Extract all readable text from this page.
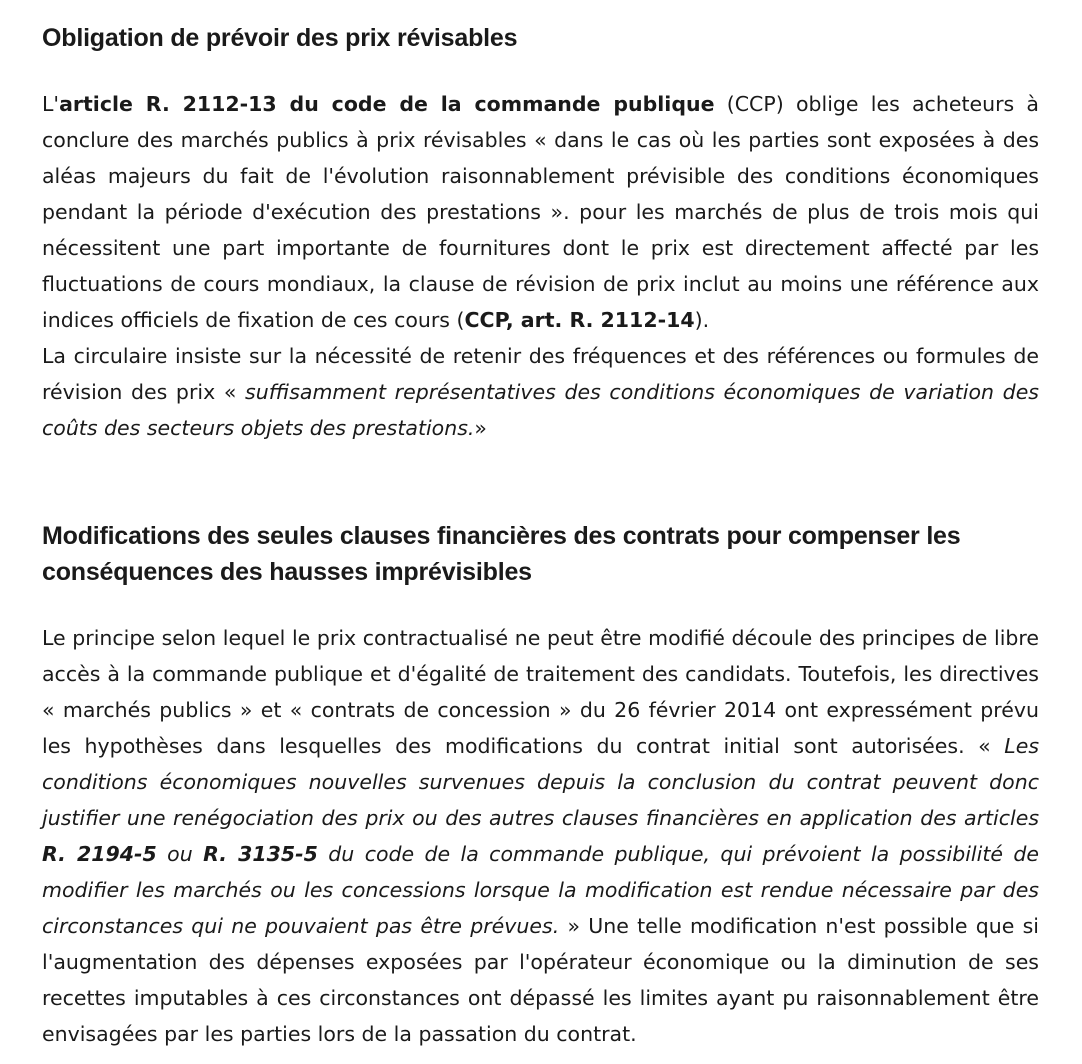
Obligation de prévoir des prix révisables

L'article R. 2112-13 du code de la commande publique (CCP) oblige les acheteurs à conclure des marchés publics à prix révisables « dans le cas où les parties sont exposées à des aléas majeurs du fait de l'évolution raisonnablement prévisible des conditions économiques pendant la période d'exécution des prestations ». pour les marchés de plus de trois mois qui nécessitent une part importante de fournitures dont le prix est directement affecté par les fluctuations de cours mondiaux, la clause de révision de prix inclut au moins une référence aux indices officiels de fixation de ces cours (CCP, art. R. 2112-14).

La circulaire insiste sur la nécessité de retenir des fréquences et des références ou formules de révision des prix « suffisamment représentatives des conditions économiques de variation des coûts des secteurs objets des prestations.»

Modifications des seules clauses financières des contrats pour compenser les conséquences des hausses imprévisibles

Le principe selon lequel le prix contractualisé ne peut être modifié découle des principes de libre accès à la commande publique et d'égalité de traitement des candidats. Toutefois, les directives « marchés publics » et « contrats de concession » du 26 février 2014 ont expressément prévu les hypothèses dans lesquelles des modifications du contrat initial sont autorisées. « Les conditions économiques nouvelles survenues depuis la conclusion du contrat peuvent donc justifier une renégociation des prix ou des autres clauses financières en application des articles R. 2194-5 ou R. 3135-5 du code de la commande publique, qui prévoient la possibilité de modifier les marchés ou les concessions lorsque la modification est rendue nécessaire par des circonstances qui ne pouvaient pas être prévues. » Une telle modification n'est possible que si l'augmentation des dépenses exposées par l'opérateur économique ou la diminution de ses recettes imputables à ces circonstances ont dépassé les limites ayant pu raisonnablement être envisagées par les parties lors de la passation du contrat.
